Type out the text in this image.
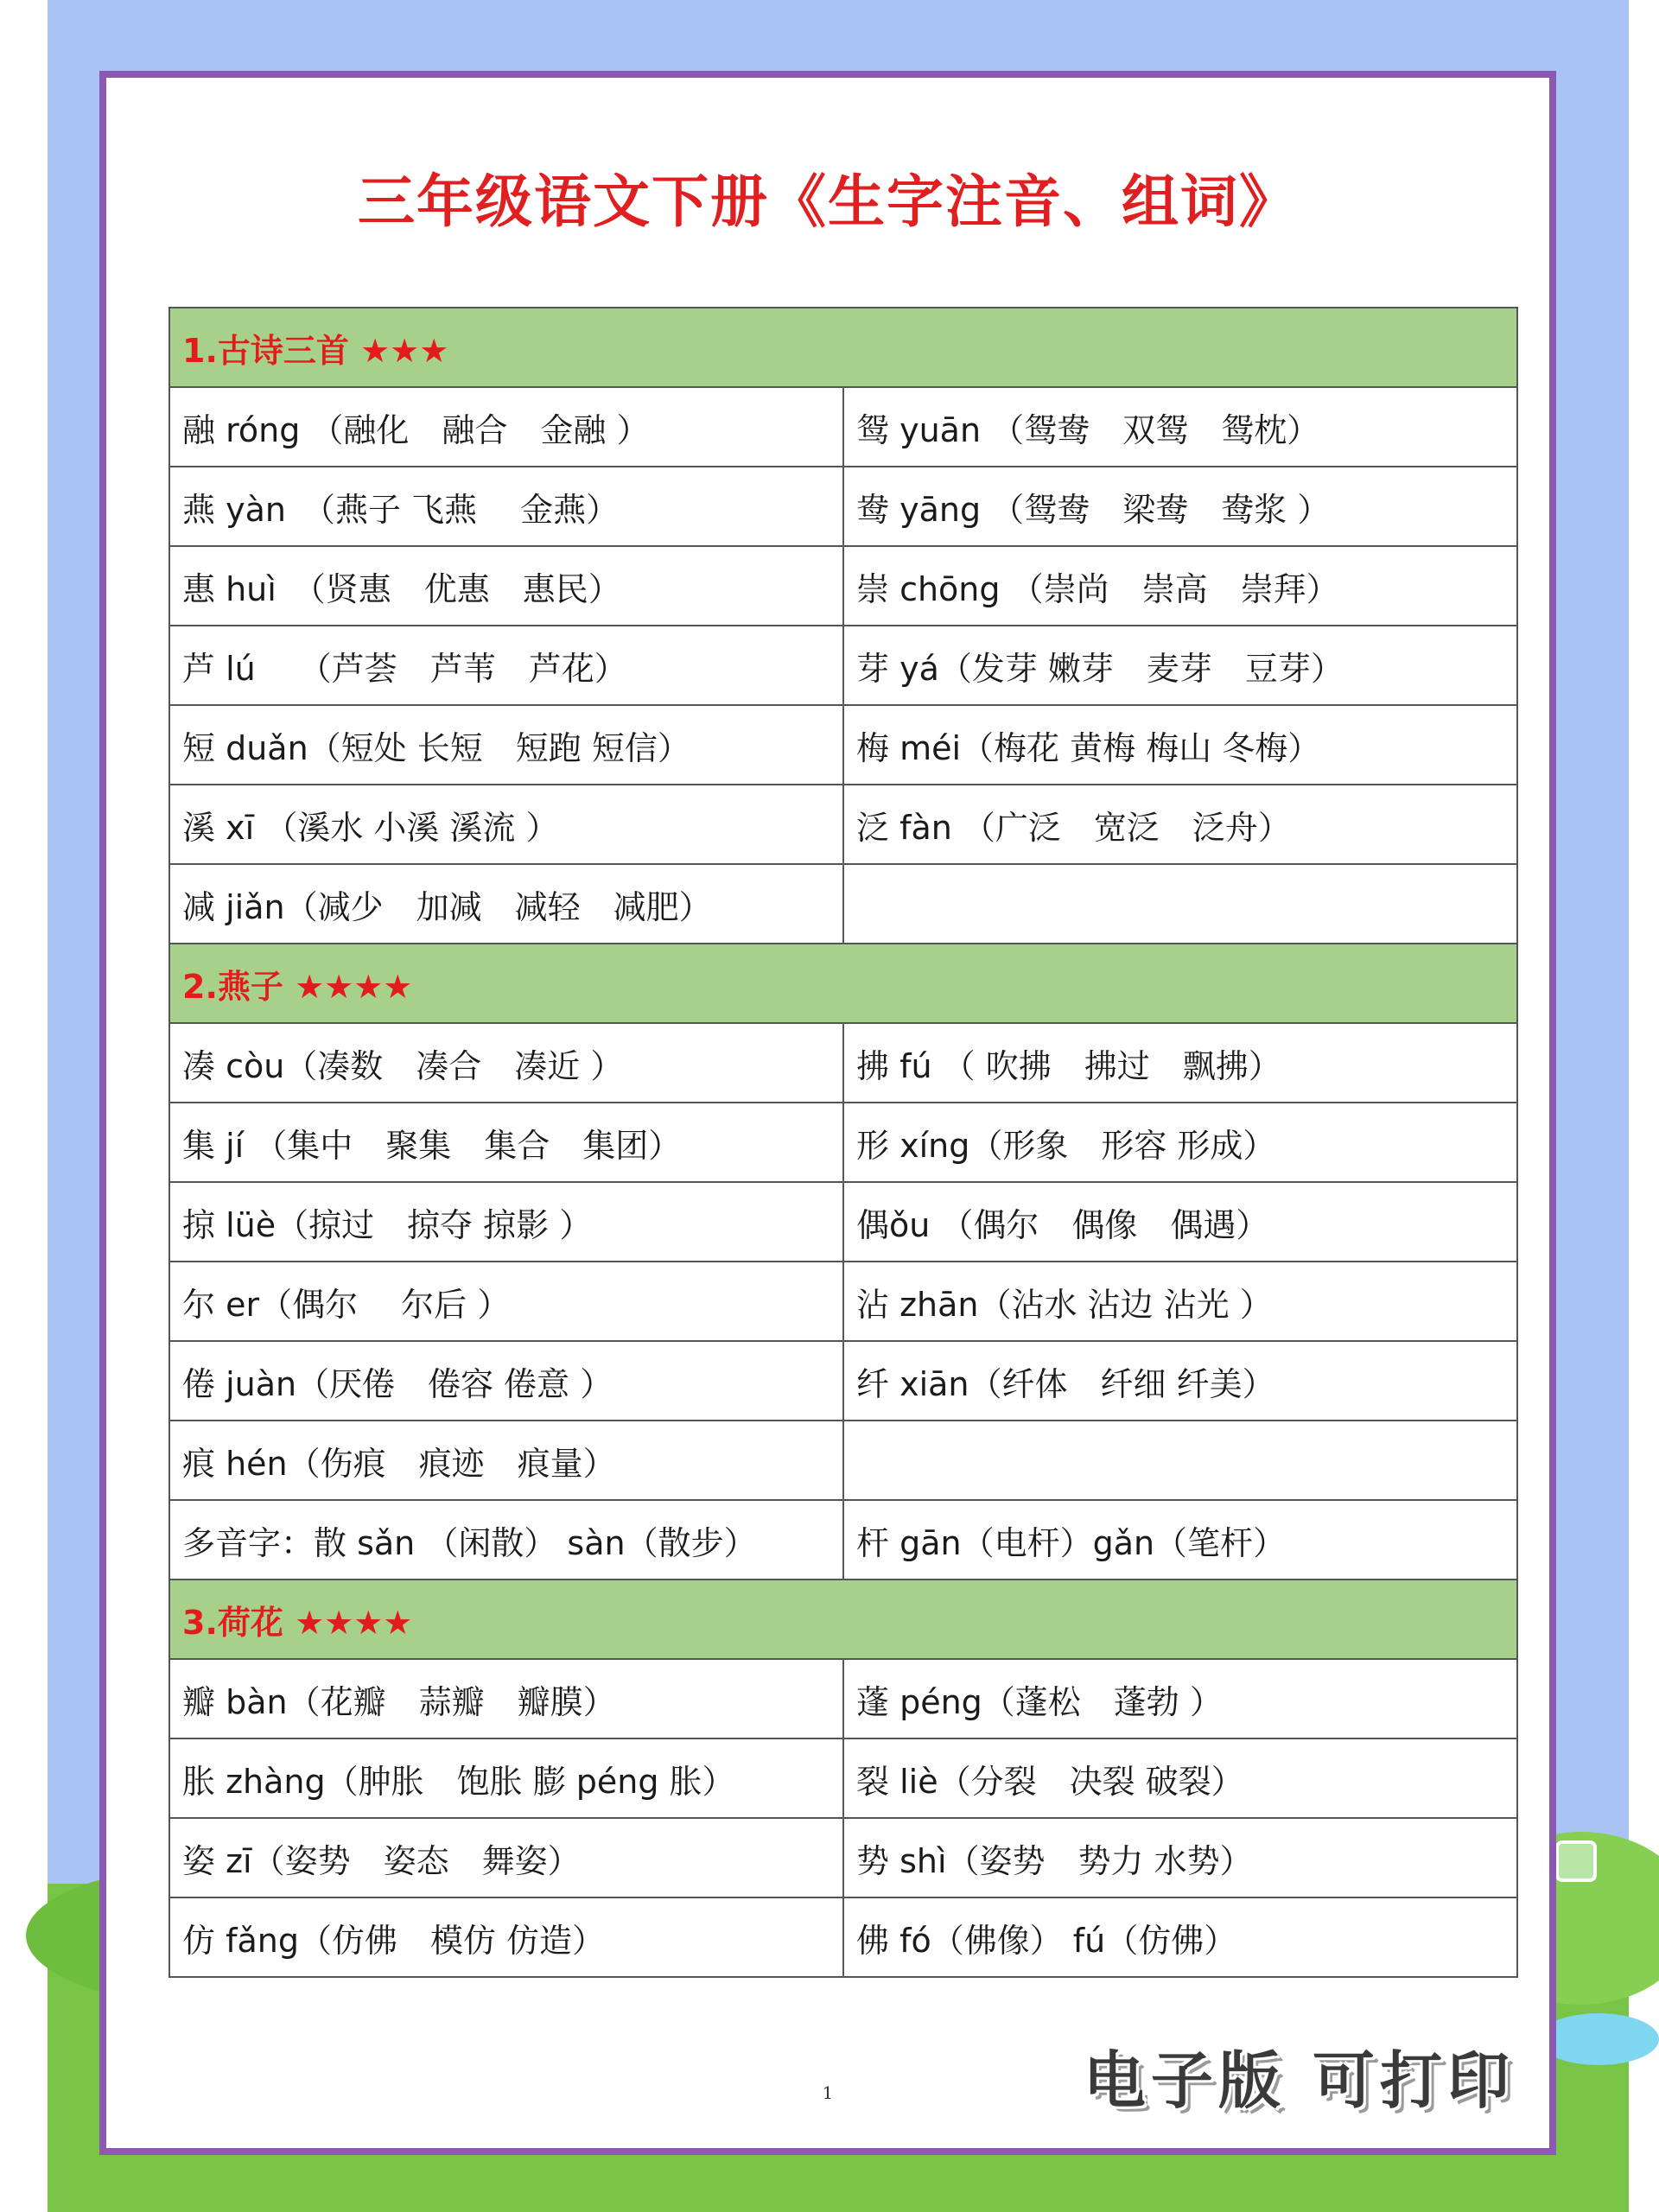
三年级语文下册《生字注音、组词》
1.古诗三首 ★★★	
融 róng （融化　融合　金融 ）	鸳 yuān （鸳鸯　双鸳　鸳枕）
燕 yàn　（燕子 飞燕　 金燕）	鸯 yāng （鸳鸯　梁鸯　鸯浆 ）
惠 huì　（贤惠　优惠　惠民）	崇 chōng （崇尚　崇高　崇拜）
芦 lú　 （芦荟　芦苇　芦花）	芽 yá（发芽 嫩芽　麦芽　豆芽）
短 duǎn（短处 长短　短跑 短信）	梅 méi（梅花 黄梅 梅山 冬梅）
溪 xī （溪水 小溪 溪流 ）	泛 fàn （广泛　宽泛　泛舟）
减 jiǎn（减少　加减　减轻　减肥）	
2.燕子 ★★★★	
凑 còu（凑数　凑合　凑近 ）	拂 fú （ 吹拂　拂过　飘拂）
集 jí （集中　聚集　集合　集团）	形 xíng（形象　形容 形成）
掠 lüè（掠过　掠夺 掠影 ）	偶ǒu （偶尔　偶像　偶遇）
尔 er（偶尔　 尔后 ）	沾 zhān（沾水 沾边 沾光 ）
倦 juàn（厌倦　倦容 倦意 ）	纤 xiān（纤体　纤细 纤美）
痕 hén（伤痕　痕迹　痕量）	
多音字：散 sǎn （闲散） sàn（散步）	杆 gān（电杆）gǎn（笔杆）
3.荷花 ★★★★	
瓣 bàn（花瓣　蒜瓣　瓣膜）	蓬 péng（蓬松　蓬勃 ）
胀 zhàng（肿胀　饱胀 膨 péng 胀）	裂 liè（分裂　决裂 破裂）
姿 zī（姿势　姿态　舞姿）	势 shì（姿势　势力 水势）
仿 fǎng（仿佛　模仿 仿造）	佛 fó（佛像） fú（仿佛）
1	电子版 可打印
